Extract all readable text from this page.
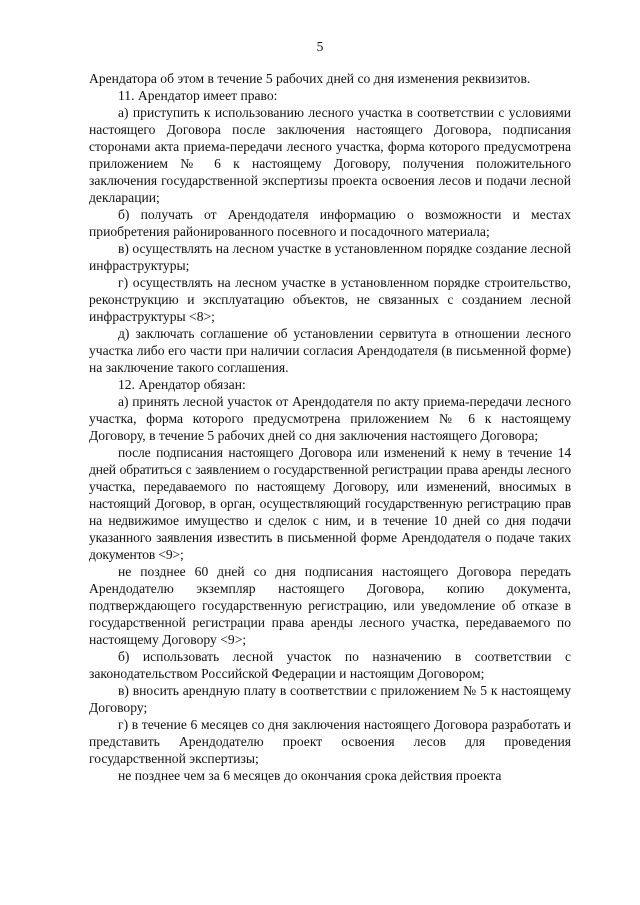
5

Арендатора об этом в течение 5 рабочих дней со дня изменения реквизитов.

11. Арендатор имеет право:

а) приступить к использованию лесного участка в соответствии с условиями настоящего Договора после заключения настоящего Договора, подписания сторонами акта приема-передачи лесного участка, форма которого предусмотрена приложением № 6 к настоящему Договору, получения положительного заключения государственной экспертизы проекта освоения лесов и подачи лесной декларации;

б) получать от Арендодателя информацию о возможности и местах приобретения районированного посевного и посадочного материала;

в) осуществлять на лесном участке в установленном порядке создание лесной инфраструктуры;

г) осуществлять на лесном участке в установленном порядке строительство, реконструкцию и эксплуатацию объектов, не связанных с созданием лесной инфраструктуры <8>;

д) заключать соглашение об установлении сервитута в отношении лесного участка либо его части при наличии согласия Арендодателя (в письменной форме) на заключение такого соглашения.

12. Арендатор обязан:

а) принять лесной участок от Арендодателя по акту приема-передачи лесного участка, форма которого предусмотрена приложением № 6 к настоящему Договору, в течение 5 рабочих дней со дня заключения настоящего Договора;

после подписания настоящего Договора или изменений к нему в течение 14 дней обратиться с заявлением о государственной регистрации права аренды лесного участка, передаваемого по настоящему Договору, или изменений, вносимых в настоящий Договор, в орган, осуществляющий государственную регистрацию прав на недвижимое имущество и сделок с ним, и в течение 10 дней со дня подачи указанного заявления известить в письменной форме Арендодателя о подаче таких документов <9>;

не позднее 60 дней со дня подписания настоящего Договора передать Арендодателю экземпляр настоящего Договора, копию документа, подтверждающего государственную регистрацию, или уведомление об отказе в государственной регистрации права аренды лесного участка, передаваемого по настоящему Договору <9>;

б) использовать лесной участок по назначению в соответствии с законодательством Российской Федерации и настоящим Договором;

в) вносить арендную плату в соответствии с приложением № 5 к настоящему Договору;

г) в течение 6 месяцев со дня заключения настоящего Договора разработать и представить Арендодателю проект освоения лесов для проведения государственной экспертизы;

не позднее чем за 6 месяцев до окончания срока действия проекта
